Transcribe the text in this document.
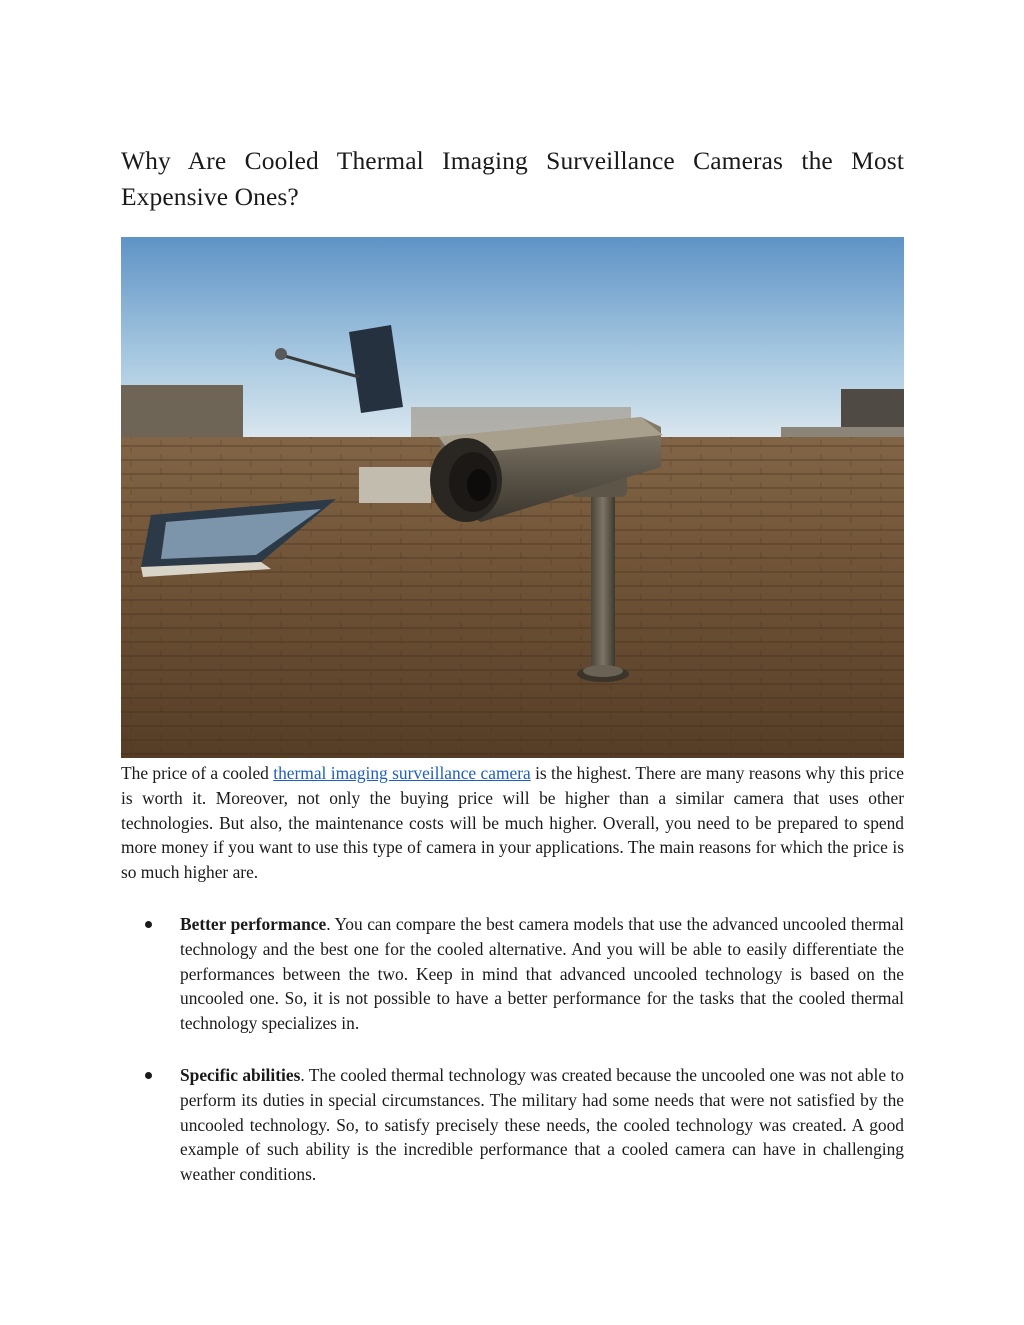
Why Are Cooled Thermal Imaging Surveillance Cameras the Most Expensive Ones?

The price of a cooled thermal imaging surveillance camera is the highest. There are many reasons why this price is worth it. Moreover, not only the buying price will be higher than a similar camera that uses other technologies. But also, the maintenance costs will be much higher. Overall, you need to be prepared to spend more money if you want to use this type of camera in your applications. The main reasons for which the price is so much higher are.

Better performance. You can compare the best camera models that use the advanced uncooled thermal technology and the best one for the cooled alternative. And you will be able to easily differentiate the performances between the two. Keep in mind that advanced uncooled technology is based on the uncooled one. So, it is not possible to have a better performance for the tasks that the cooled thermal technology specializes in.

Specific abilities. The cooled thermal technology was created because the uncooled one was not able to perform its duties in special circumstances. The military had some needs that were not satisfied by the uncooled technology. So, to satisfy precisely these needs, the cooled technology was created. A good example of such ability is the incredible performance that a cooled camera can have in challenging weather conditions.
